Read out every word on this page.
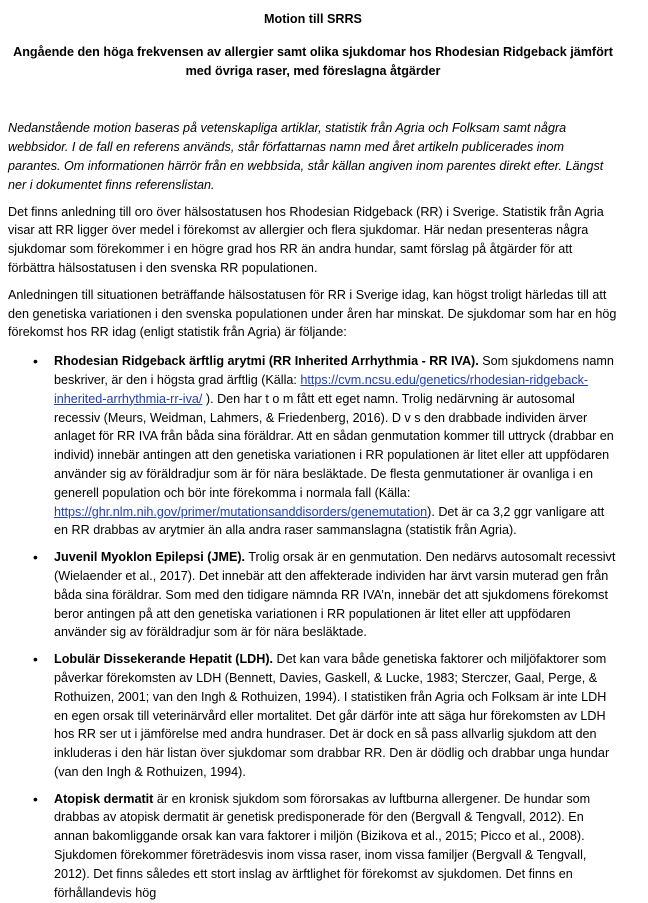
Motion till SRRS
Angående den höga frekvensen av allergier samt olika sjukdomar hos Rhodesian Ridgeback jämfört med övriga raser, med föreslagna åtgärder

Nedanstående motion baseras på vetenskapliga artiklar, statistik från Agria och Folksam samt några webbsidor. I de fall en referens används, står författarnas namn med året artikeln publicerades inom parantes. Om informationen härrör från en webbsida, står källan angiven inom parentes direkt efter. Längst ner i dokumentet finns referenslistan.

Det finns anledning till oro över hälsostatusen hos Rhodesian Ridgeback (RR) i Sverige. Statistik från Agria visar att RR ligger över medel i förekomst av allergier och flera sjukdomar. Här nedan presenteras några sjukdomar som förekommer i en högre grad hos RR än andra hundar, samt förslag på åtgärder för att förbättra hälsostatusen i den svenska RR populationen.

Anledningen till situationen beträffande hälsostatusen för RR i Sverige idag, kan högst troligt härledas till att den genetiska variationen i den svenska populationen under åren har minskat. De sjukdomar som har en hög förekomst hos RR idag (enligt statistik från Agria) är följande:

• Rhodesian Ridgeback ärftlig arytmi (RR Inherited Arrhythmia - RR IVA). Som sjukdomens namn beskriver, är den i högsta grad ärftlig (Källa: https://cvm.ncsu.edu/genetics/rhodesian-ridgeback-inherited-arrhythmia-rr-iva/ ). Den har t o m fått ett eget namn. Trolig nedärvning är autosomal recessiv (Meurs, Weidman, Lahmers, & Friedenberg, 2016). D v s den drabbade individen ärver anlaget för RR IVA från båda sina föräldrar. Att en sådan genmutation kommer till uttryck (drabbar en individ) innebär antingen att den genetiska variationen i RR populationen är litet eller att uppfödaren använder sig av föräldradjur som är för nära besläktade. De flesta genmutationer är ovanliga i en generell population och bör inte förekomma i normala fall (Källa: https://ghr.nlm.nih.gov/primer/mutationsanddisorders/genemutation). Det är ca 3,2 ggr vanligare att en RR drabbas av arytmier än alla andra raser sammanslagna (statistik från Agria).
• Juvenil Myoklon Epilepsi (JME). Trolig orsak är en genmutation. Den nedärvs autosomalt recessivt (Wielaender et al., 2017). Det innebär att den affekterade individen har ärvt varsin muterad gen från båda sina föräldrar. Som med den tidigare nämnda RR IVA’n, innebär det att sjukdomens förekomst beror antingen på att den genetiska variationen i RR populationen är litet eller att uppfödaren använder sig av föräldradjur som är för nära besläktade.
• Lobulär Dissekerande Hepatit (LDH). Det kan vara både genetiska faktorer och miljöfaktorer som påverkar förekomsten av LDH (Bennett, Davies, Gaskell, & Lucke, 1983; Sterczer, Gaal, Perge, & Rothuizen, 2001; van den Ingh & Rothuizen, 1994). I statistiken från Agria och Folksam är inte LDH en egen orsak till veterinärvård eller mortalitet. Det går därför inte att säga hur förekomsten av LDH hos RR ser ut i jämförelse med andra hundraser. Det är dock en så pass allvarlig sjukdom att den inkluderas i den här listan över sjukdomar som drabbar RR. Den är dödlig och drabbar unga hundar (van den Ingh & Rothuizen, 1994).
• Atopisk dermatit är en kronisk sjukdom som förorsakas av luftburna allergener. De hundar som drabbas av atopisk dermatit är genetisk predisponerade för den (Bergvall & Tengvall, 2012). En annan bakomliggande orsak kan vara faktorer i miljön (Bizikova et al., 2015; Picco et al., 2008). Sjukdomen förekommer företrädesvis inom vissa raser, inom vissa familjer (Bergvall & Tengvall, 2012). Det finns således ett stort inslag av ärftlighet för förekomst av sjukdomen. Det finns en förhållandevis hög
